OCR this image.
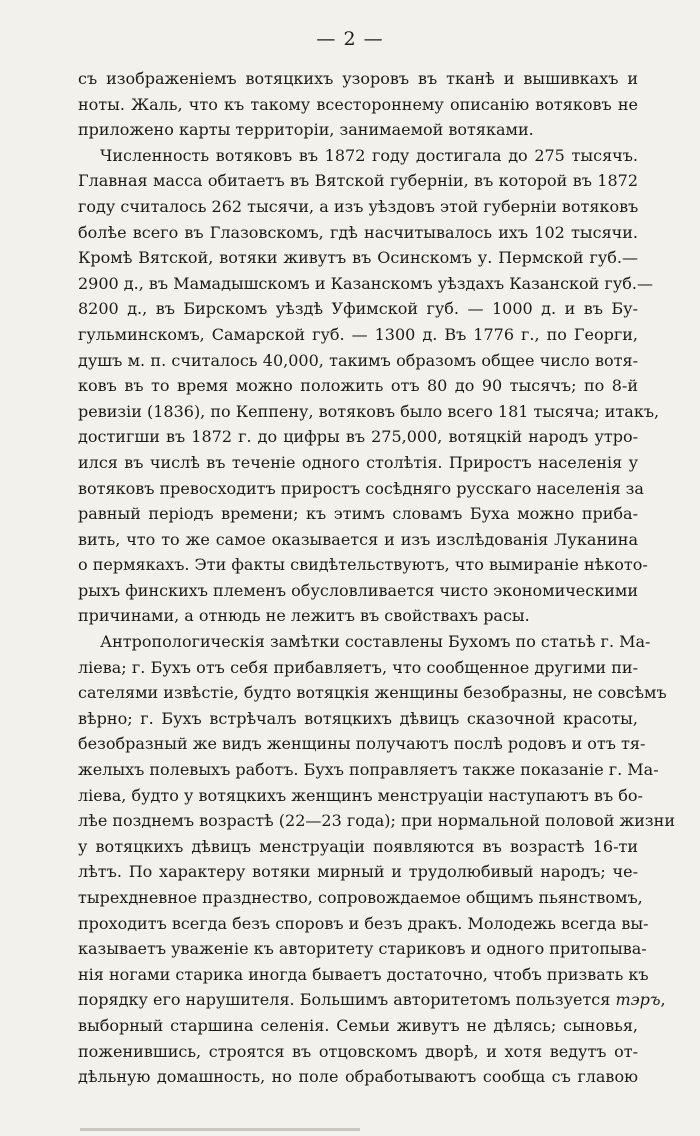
— 2 —
съ изображеніемъ вотяцкихъ узоровъ въ тканѣ и вышивкахъ и
ноты. Жаль, что къ такому всестороннему описанію вотяковъ не
приложено карты территоріи, занимаемой вотяками.
Численность вотяковъ въ 1872 году достигала до 275 тысячъ.
Главная масса обитаетъ въ Вятской губерніи, въ которой въ 1872
году считалось 262 тысячи, а изъ уѣздовъ этой губерніи вотяковъ
болѣе всего въ Глазовскомъ, гдѣ насчитывалось ихъ 102 тысячи.
Кромѣ Вятской, вотяки живутъ въ Осинскомъ у. Пермской губ.—
2900 д., въ Мамадышскомъ и Казанскомъ уѣздахъ Казанской губ.—
8200 д., въ Бирскомъ уѣздѣ Уфимской губ. — 1000 д. и въ Бу-
гульминскомъ, Самарской губ. — 1300 д. Въ 1776 г., по Георги,
душъ м. п. считалось 40,000, такимъ образомъ общее число вотя-
ковъ въ то время можно положить отъ 80 до 90 тысячъ; по 8-й
ревизіи (1836), по Кеппену, вотяковъ было всего 181 тысяча; итакъ,
достигши въ 1872 г. до цифры въ 275,000, вотяцкій народъ утро-
ился въ числѣ въ теченіе одного столѣтія. Приростъ населенія у
вотяковъ превосходитъ приростъ сосѣдняго русскаго населенія за
равный періодъ времени; къ этимъ словамъ Буха можно приба-
вить, что то же самое оказывается и изъ изслѣдованія Луканина
о пермякахъ. Эти факты свидѣтельствуютъ, что вымираніе нѣкото-
рыхъ финскихъ племенъ обусловливается чисто экономическими
причинами, а отнюдь не лежитъ въ свойствахъ расы.
Антропологическія замѣтки составлены Бухомъ по статьѣ г. Ма-
ліева; г. Бухъ отъ себя прибавляетъ, что сообщенное другими пи-
сателями извѣстіе, будто вотяцкія женщины безобразны, не совсѣмъ
вѣрно; г. Бухъ встрѣчалъ вотяцкихъ дѣвицъ сказочной красоты,
безобразный же видъ женщины получаютъ послѣ родовъ и отъ тя-
желыхъ полевыхъ работъ. Бухъ поправляетъ также показаніе г. Ма-
ліева, будто у вотяцкихъ женщинъ менструаціи наступаютъ въ бо-
лѣе позднемъ возрастѣ (22—23 года); при нормальной половой жизни
у вотяцкихъ дѣвицъ менструаціи появляются въ возрастѣ 16-ти
лѣтъ. По характеру вотяки мирный и трудолюбивый народъ; че-
тырехдневное празднество, сопровождаемое общимъ пьянствомъ,
проходитъ всегда безъ споровъ и безъ дракъ. Молодежь всегда вы-
казываетъ уваженіе къ авторитету стариковъ и одного притопыва-
нія ногами старика иногда бываетъ достаточно, чтобъ призвать къ
порядку его нарушителя. Большимъ авторитетомъ пользуется тэръ,
выборный старшина селенія. Семьи живутъ не дѣлясь; сыновья,
поженившись, строятся въ отцовскомъ дворѣ, и хотя ведутъ от-
дѣльную домашность, но поле обработываютъ сообща съ главою
